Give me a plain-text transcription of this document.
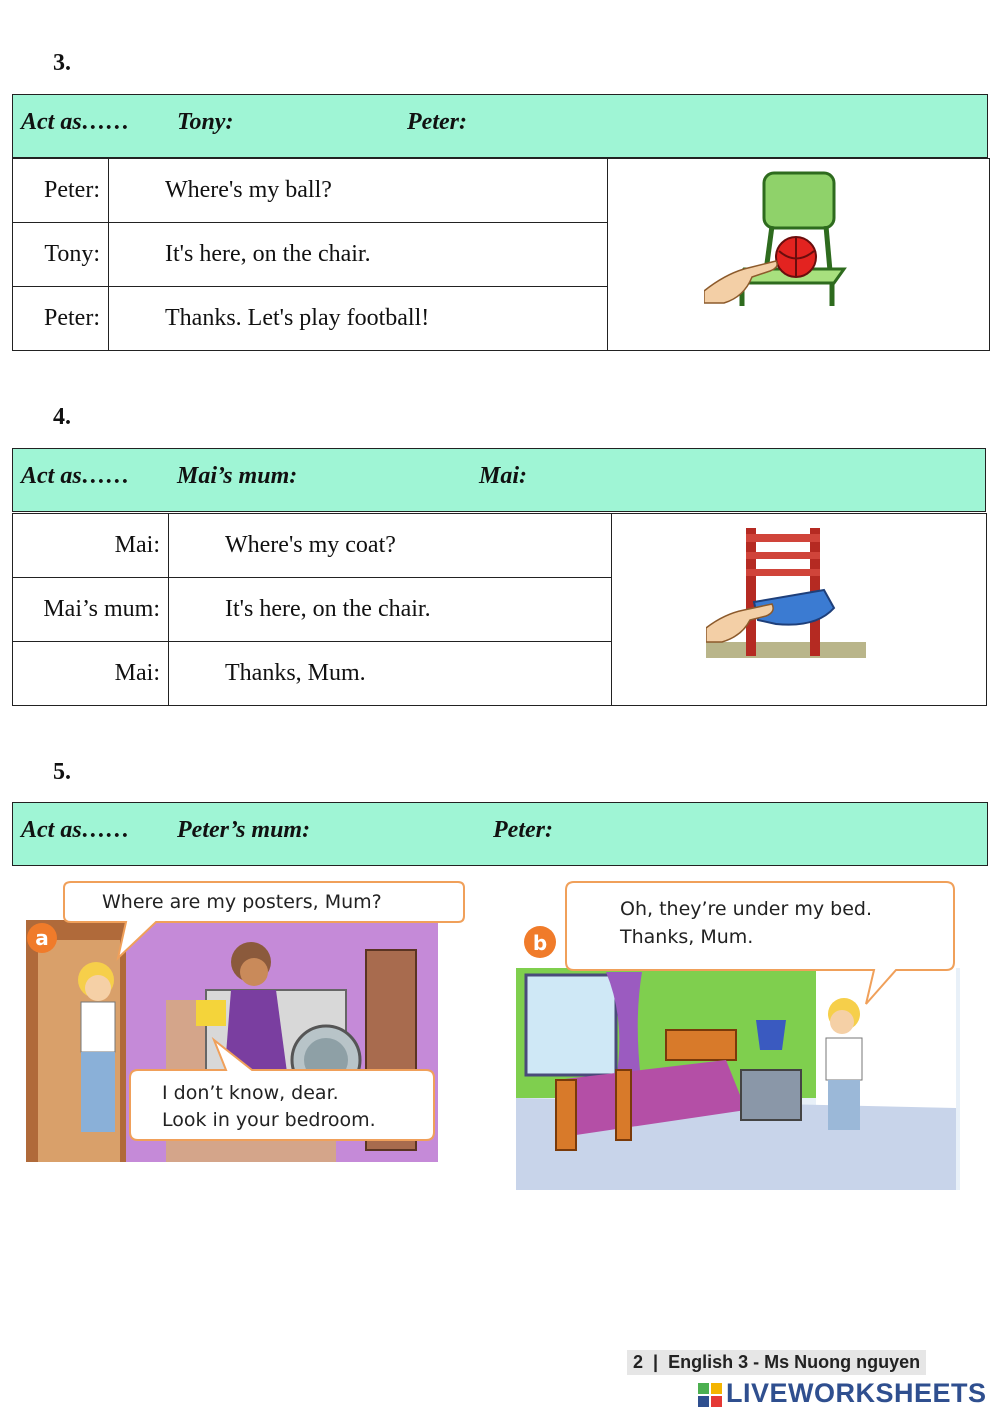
3.
Act as…… Tony:	Peter:
Peter:	Where's my ball?	

Tony:	It's here, on the chair.	
Peter:	Thanks. Let's play football!	
4.
Act as…… Mai’s mum:	Mai:
Mai:	Where's my coat?	

Mai’s mum:	It's here, on the chair.	
Mai:	Thanks, Mum.	
5.
Act as…… Peter’s mum:	Peter:
Where are my posters, Mum?
I don’t know, dear.
Look in your bedroom.
a
Oh, they’re under my bed.
Thanks, Mum.
b
2 | English 3 - Ms Nuong nguyen
LIVEWORKSHEETS
